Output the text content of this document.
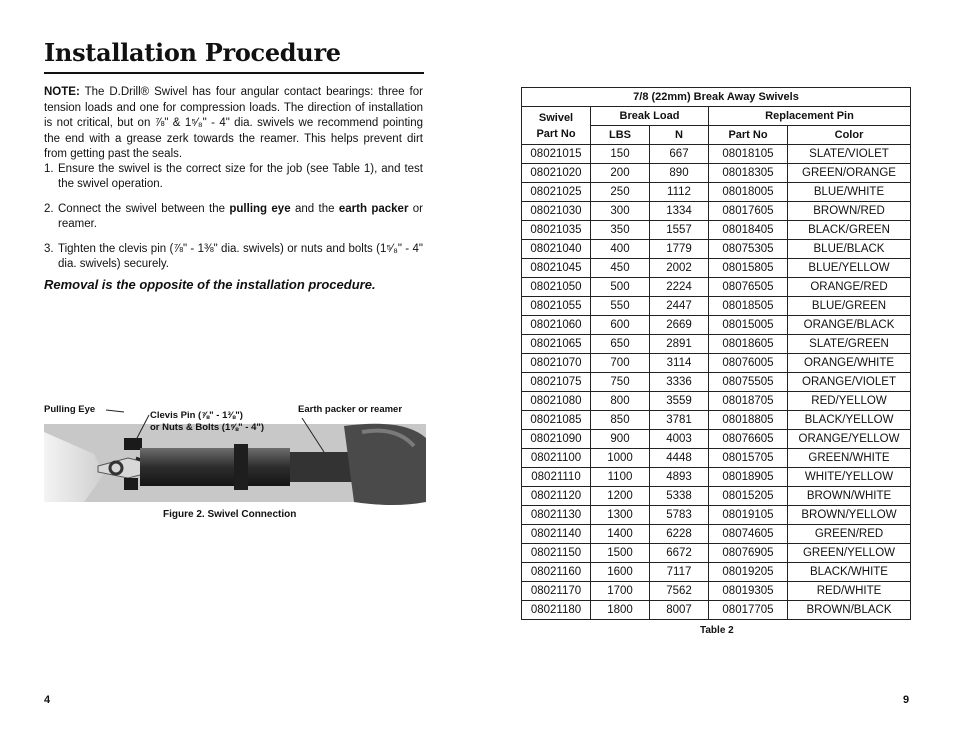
Installation Procedure
NOTE: The D.Drill® Swivel has four angular contact bearings: three for tension loads and one for compression loads. The direction of installation is not critical, but on ⅞" & 1⁵⁄₈" - 4" dia. swivels we recommend pointing the end with a grease zerk towards the reamer. This helps prevent dirt from getting past the seals.
1. Ensure the swivel is the correct size for the job (see Table 1), and test the swivel operation.
2. Connect the swivel between the pulling eye and the earth packer or reamer.
3. Tighten the clevis pin (⅞" - 1⅜" dia. swivels) or nuts and bolts (1⁵⁄₈" - 4" dia. swivels) securely.
Removal is the opposite of the installation procedure.
Pulling Eye
Clevis Pin (⅞" - 1⅜")
or Nuts & Bolts (1⅝" - 4")
Earth packer or reamer
Figure 2. Swivel Connection
7/8 (22mm) Break Away Swivels				

Swivel
Part No	Break Load		Replacement Pin	
	LBS	N	Part No	Color
08021015	150	667	08018105	SLATE/VIOLET
08021020	200	890	08018305	GREEN/ORANGE
08021025	250	1112	08018005	BLUE/WHITE
08021030	300	1334	08017605	BROWN/RED
08021035	350	1557	08018405	BLACK/GREEN
08021040	400	1779	08075305	BLUE/BLACK
08021045	450	2002	08015805	BLUE/YELLOW
08021050	500	2224	08076505	ORANGE/RED
08021055	550	2447	08018505	BLUE/GREEN
08021060	600	2669	08015005	ORANGE/BLACK
08021065	650	2891	08018605	SLATE/GREEN
08021070	700	3114	08076005	ORANGE/WHITE
08021075	750	3336	08075505	ORANGE/VIOLET
08021080	800	3559	08018705	RED/YELLOW
08021085	850	3781	08018805	BLACK/YELLOW
08021090	900	4003	08076605	ORANGE/YELLOW
08021100	1000	4448	08015705	GREEN/WHITE
08021110	1100	4893	08018905	WHITE/YELLOW
08021120	1200	5338	08015205	BROWN/WHITE
08021130	1300	5783	08019105	BROWN/YELLOW
08021140	1400	6228	08074605	GREEN/RED
08021150	1500	6672	08076905	GREEN/YELLOW
08021160	1600	7117	08019205	BLACK/WHITE
08021170	1700	7562	08019305	RED/WHITE
08021180	1800	8007	08017705	BROWN/BLACK
Table 2
4	9
